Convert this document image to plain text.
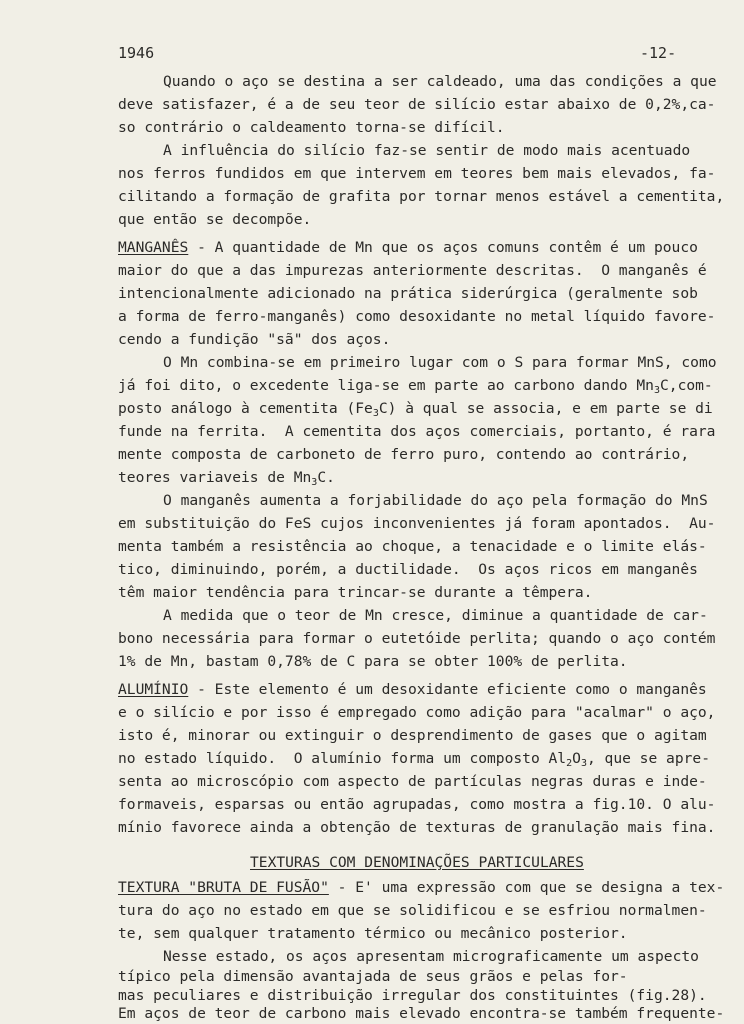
1946	-12-
Quando o aço se destina a ser caldeado, uma das condições a que
deve satisfazer, é a de seu teor de silício estar abaixo de 0,2%,ca-
so contrário o caldeamento torna-se difícil.
A influência do silício faz-se sentir de modo mais acentuado
nos ferros fundidos em que intervem em teores bem mais elevados, fa-
cilitando a formação de grafita por tornar menos estável a cementita,
que então se decompõe.
MANGANÊS - A quantidade de Mn que os aços comuns contêm é um pouco
maior do que a das impurezas anteriormente descritas.  O manganês é
intencionalmente adicionado na prática siderúrgica (geralmente sob
a forma de ferro-manganês) como desoxidante no metal líquido favore-
cendo a fundição "sã" dos aços.
O Mn combina-se em primeiro lugar com o S para formar MnS, como
já foi dito, o excedente liga-se em parte ao carbono dando $Mn_3C,com-$
posto análogo à cementita $(Fe_3C)$ à qual se associa, e em parte se di
funde na ferrita.  A cementita dos aços comerciais, portanto, é rara
mente composta de carboneto de ferro puro, contendo ao contrário,
teores variaveis de $Mn_3C$.
O manganês aumenta a forjabilidade do aço pela formação do MnS
em substituição do FeS cujos inconvenientes já foram apontados.  Au-
menta também a resistência ao choque, a tenacidade e o limite elás-
tico, diminuindo, porém, a ductilidade.  Os aços ricos em manganês
têm maior tendência para trincar-se durante a têmpera.
A medida que o teor de Mn cresce, diminue a quantidade de car-
bono necessária para formar o eutetóide perlita; quando o aço contém
1% de Mn, bastam 0,78% de C para se obter 100% de perlita.
ALUMÍNIO - Este elemento é um desoxidante eficiente como o manganês
e o silício e por isso é empregado como adição para "acalmar" o aço,
isto é, minorar ou extinguir o desprendimento de gases que o agitam
no estado líquido.  O alumínio forma um composto $Al_2O_3$, que se apre-
senta ao microscópio com aspecto de partículas negras duras e inde-
formaveis, esparsas ou então agrupadas, como mostra a fig.10. O alu-
mínio favorece ainda a obtenção de texturas de granulação mais fina.
TEXTURAS COM DENOMINAÇÕES PARTICULARES
TEXTURA "BRUTA DE FUSÃO" - E' uma expressão com que se designa a tex-
tura do aço no estado em que se solidificou e se esfriou normalmen-
te, sem qualquer tratamento térmico ou mecânico posterior.
Nesse estado, os aços apresentam micrograficamente um aspecto
típico pela dimensão avantajada de seus grãos e pelas for-
mas peculiares e distribuição irregular dos constituintes (fig.28).
Em aços de teor de carbono mais elevado encontra-se também frequente-
